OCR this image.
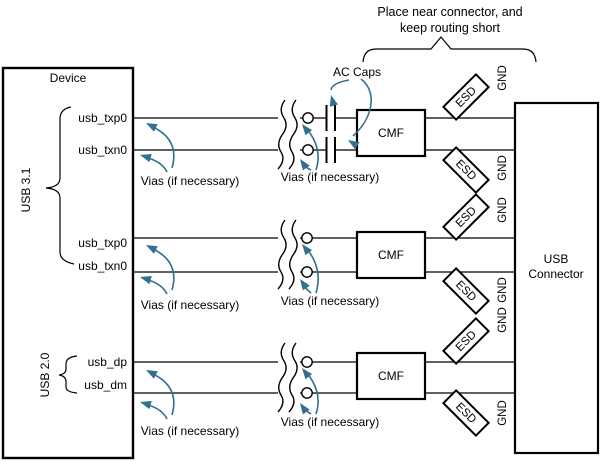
Place near connector, and
keep routing short
Device
USB 3.1
USB 2.0
usb_txp0
usb_txn0
usb_txp0
usb_txn0
usb_dp
usb_dm
CMF
CMF
CMF
ESD
ESD
ESD
ESD
ESD
ESD
GND
GND
GND
GND
GND
GND
USB
Connector
AC Caps
Vias (if necessary)	Vias (if necessary)
Vias (if necessary)	Vias (if necessary)
Vias (if necessary)
Vias (if necessary)
